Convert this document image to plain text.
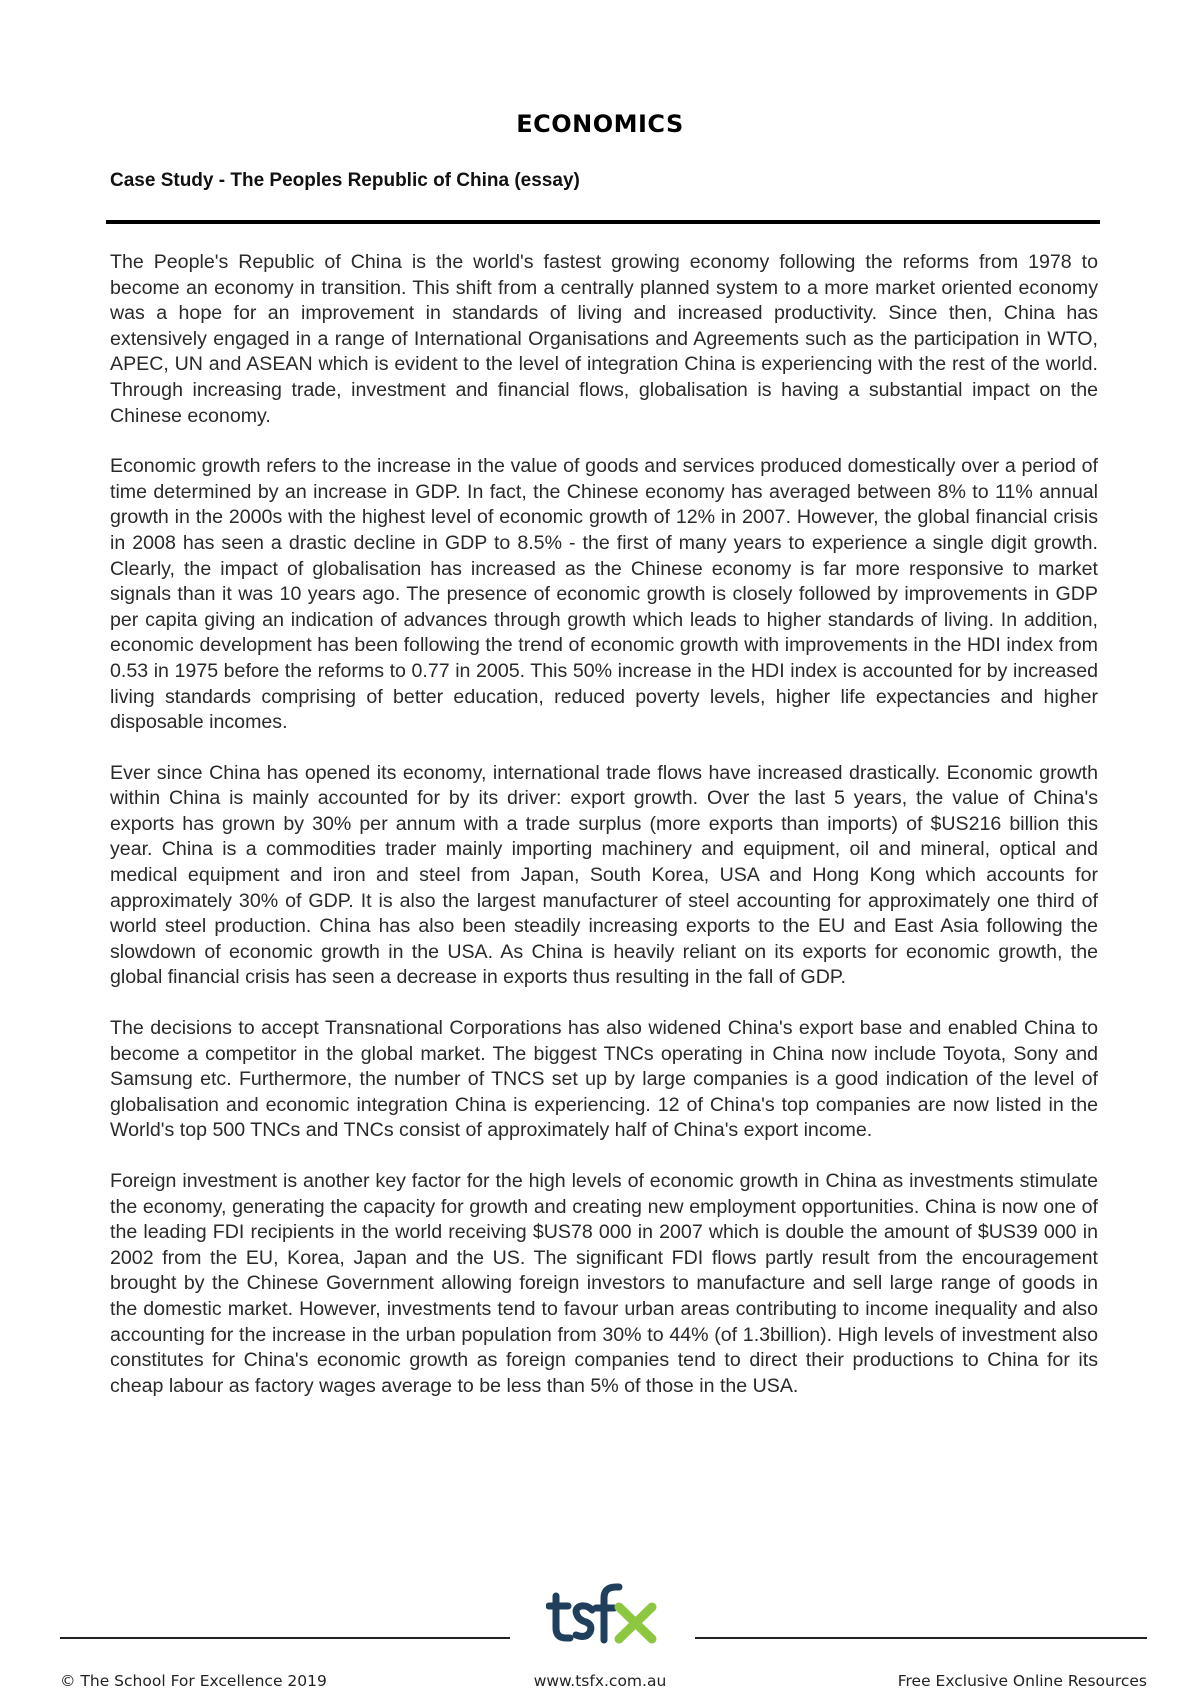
ECONOMICS
Case Study - The Peoples Republic of China (essay)

The People's Republic of China is the world's fastest growing economy following the reforms from 1978 to become an economy in transition. This shift from a centrally planned system to a more market oriented economy was a hope for an improvement in standards of living and increased productivity. Since then, China has extensively engaged in a range of International Organisations and Agreements such as the participation in WTO, APEC, UN and ASEAN which is evident to the level of integration China is experiencing with the rest of the world. Through increasing trade, investment and financial flows, globalisation is having a substantial impact on the Chinese economy.

Economic growth refers to the increase in the value of goods and services produced domestically over a period of time determined by an increase in GDP. In fact, the Chinese economy has averaged between 8% to 11% annual growth in the 2000s with the highest level of economic growth of 12% in 2007. However, the global financial crisis in 2008 has seen a drastic decline in GDP to 8.5% - the first of many years to experience a single digit growth. Clearly, the impact of globalisation has increased as the Chinese economy is far more responsive to market signals than it was 10 years ago. The presence of economic growth is closely followed by improvements in GDP per capita giving an indication of advances through growth which leads to higher standards of living. In addition, economic development has been following the trend of economic growth with improvements in the HDI index from 0.53 in 1975 before the reforms to 0.77 in 2005. This 50% increase in the HDI index is accounted for by increased living standards comprising of better education, reduced poverty levels, higher life expectancies and higher disposable incomes.

Ever since China has opened its economy, international trade flows have increased drastically. Economic growth within China is mainly accounted for by its driver: export growth. Over the last 5 years, the value of China's exports has grown by 30% per annum with a trade surplus (more exports than imports) of $US216 billion this year. China is a commodities trader mainly importing machinery and equipment, oil and mineral, optical and medical equipment and iron and steel from Japan, South Korea, USA and Hong Kong which accounts for approximately 30% of GDP. It is also the largest manufacturer of steel accounting for approximately one third of world steel production. China has also been steadily increasing exports to the EU and East Asia following the slowdown of economic growth in the USA. As China is heavily reliant on its exports for economic growth, the global financial crisis has seen a decrease in exports thus resulting in the fall of GDP.

The decisions to accept Transnational Corporations has also widened China's export base and enabled China to become a competitor in the global market. The biggest TNCs operating in China now include Toyota, Sony and Samsung etc. Furthermore, the number of TNCS set up by large companies is a good indication of the level of globalisation and economic integration China is experiencing. 12 of China's top companies are now listed in the World's top 500 TNCs and TNCs consist of approximately half of China's export income.

Foreign investment is another key factor for the high levels of economic growth in China as investments stimulate the economy, generating the capacity for growth and creating new employment opportunities. China is now one of the leading FDI recipients in the world receiving $US78 000 in 2007 which is double the amount of $US39 000 in 2002 from the EU, Korea, Japan and the US. The significant FDI flows partly result from the encouragement brought by the Chinese Government allowing foreign investors to manufacture and sell large range of goods in the domestic market. However, investments tend to favour urban areas contributing to income inequality and also accounting for the increase in the urban population from 30% to 44% (of 1.3billion). High levels of investment also constitutes for China's economic growth as foreign companies tend to direct their productions to China for its cheap labour as factory wages average to be less than 5% of those in the USA.

© The School For Excellence 2019	www.tsfx.com.au	Free Exclusive Online Resources
